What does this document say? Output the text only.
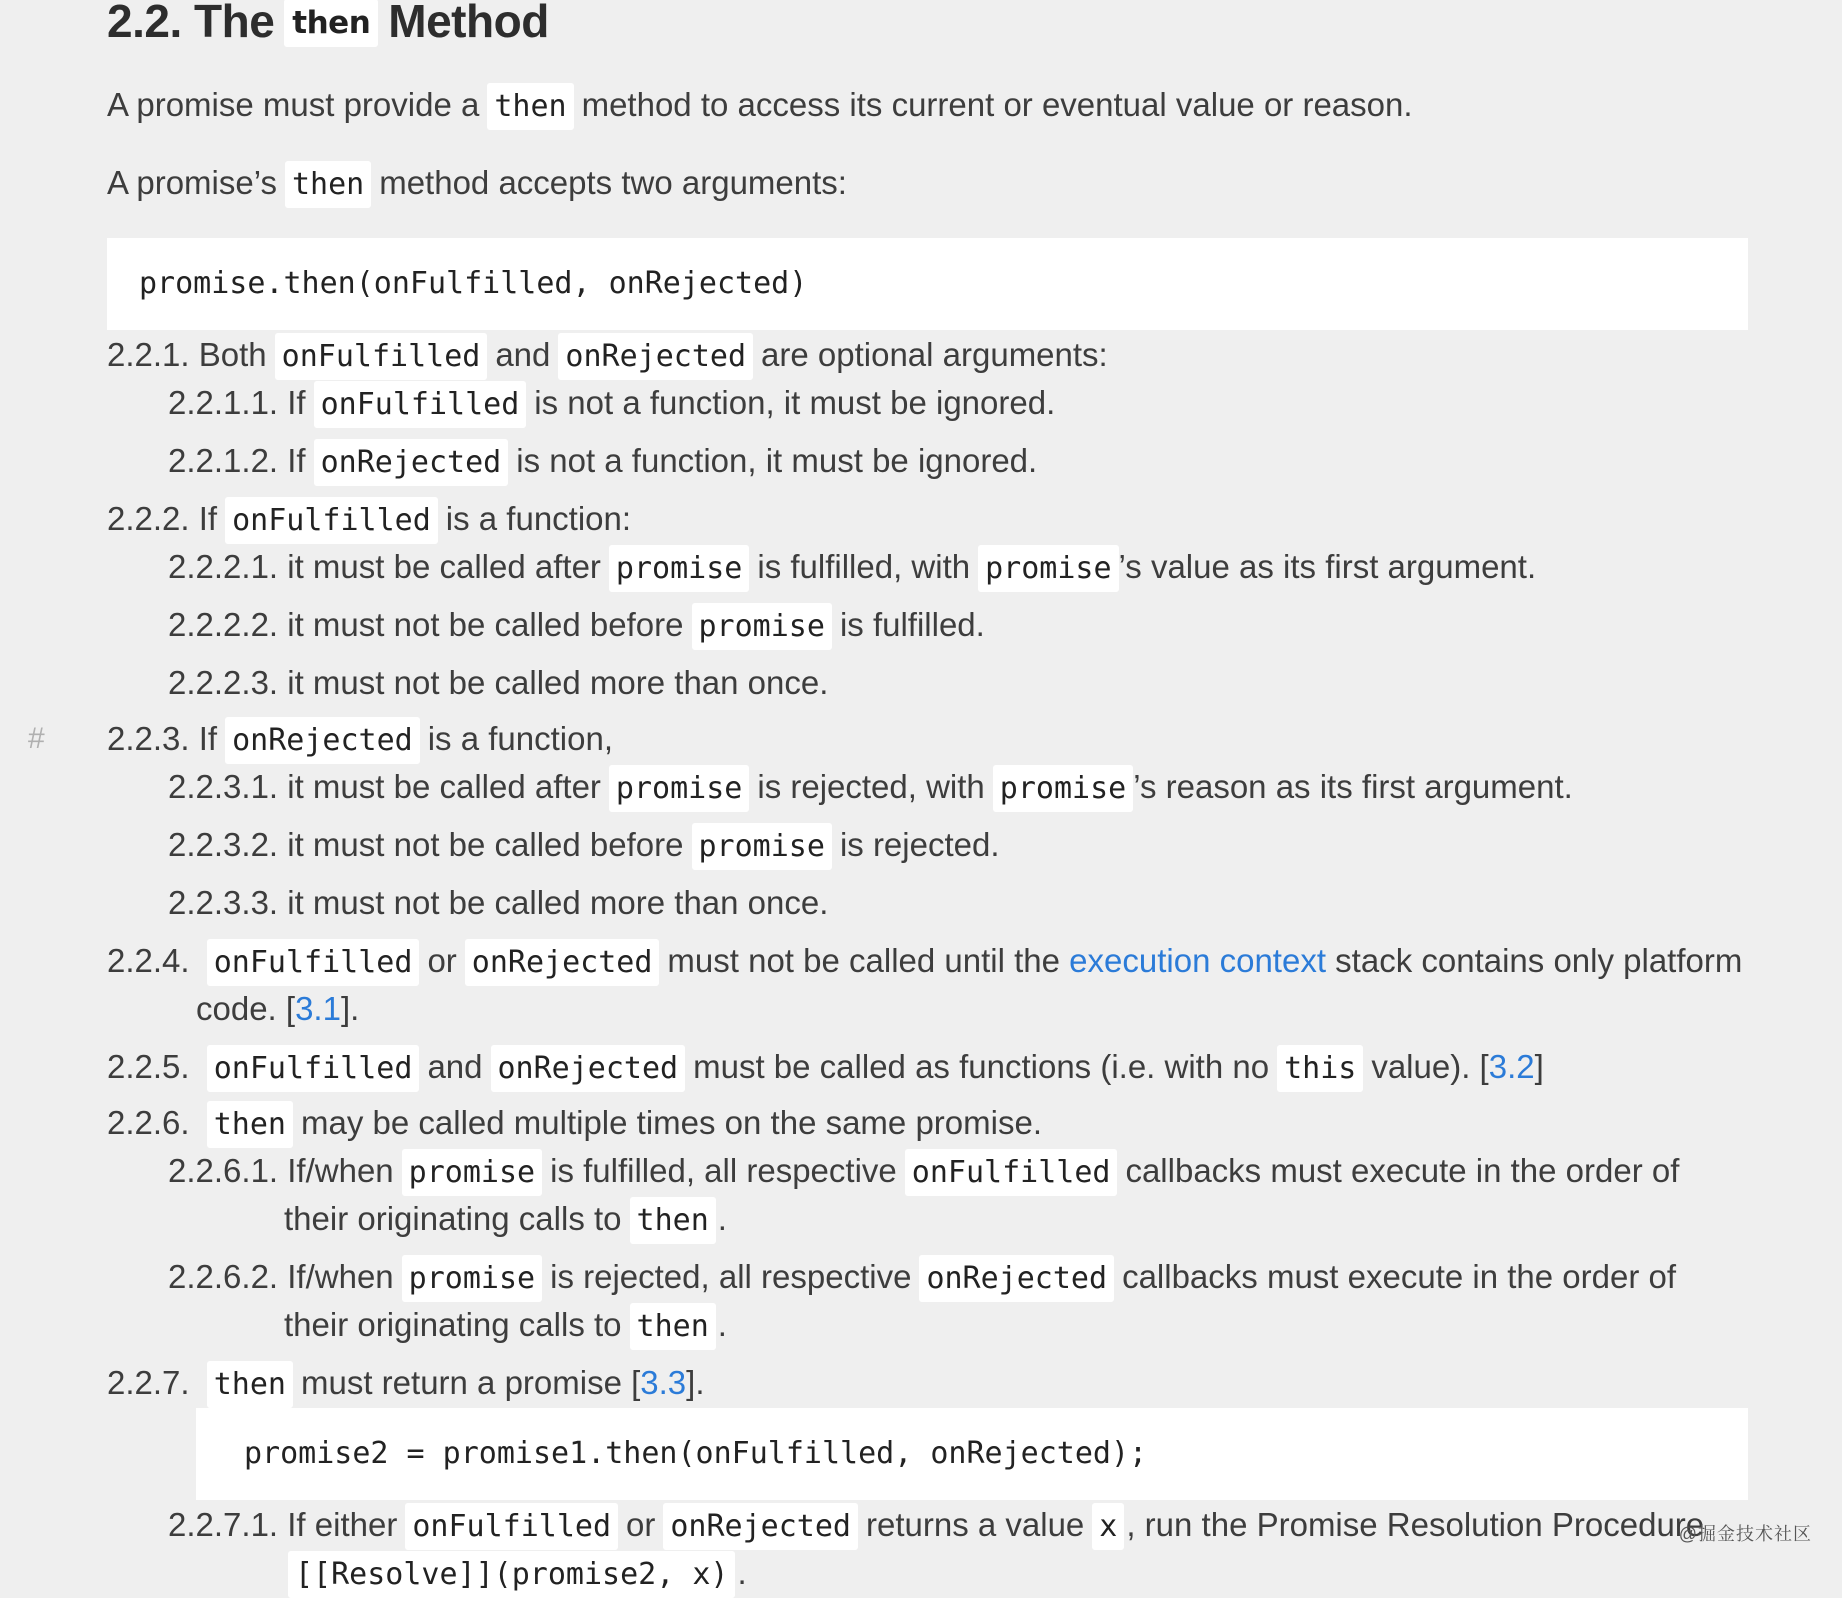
2.2. The then Method
A promise must provide a then method to access its current or eventual value or reason.
A promise’s then method accepts two arguments:
promise.then(onFulfilled, onRejected)
2.2.1. Both onFulfilled and onRejected are optional arguments:
2.2.1.1. If onFulfilled is not a function, it must be ignored.
2.2.1.2. If onRejected is not a function, it must be ignored.
2.2.2. If onFulfilled is a function:
2.2.2.1. it must be called after promise is fulfilled, with promise ’s value as its first argument.
2.2.2.2. it must not be called before promise is fulfilled.
2.2.2.3. it must not be called more than once.
# 2.2.3. If onRejected is a function,
2.2.3.1. it must be called after promise is rejected, with promise ’s reason as its first argument.
2.2.3.2. it must not be called before promise is rejected.
2.2.3.3. it must not be called more than once.
2.2.4. onFulfilled or onRejected must not be called until the execution context stack contains only platform
code. [3.1].
2.2.5. onFulfilled and onRejected must be called as functions (i.e. with no this value). [3.2]
2.2.6. then may be called multiple times on the same promise.
2.2.6.1. If/when promise is fulfilled, all respective onFulfilled callbacks must execute in the order of
their originating calls to then .
2.2.6.2. If/when promise is rejected, all respective onRejected callbacks must execute in the order of
their originating calls to then .
2.2.7. then must return a promise [3.3].
promise2 = promise1.then(onFulfilled, onRejected);
2.2.7.1. If either onFulfilled or onRejected returns a value x , run the Promise Resolution Procedure
[[Resolve]](promise2, x) .
@掘金技术社区
